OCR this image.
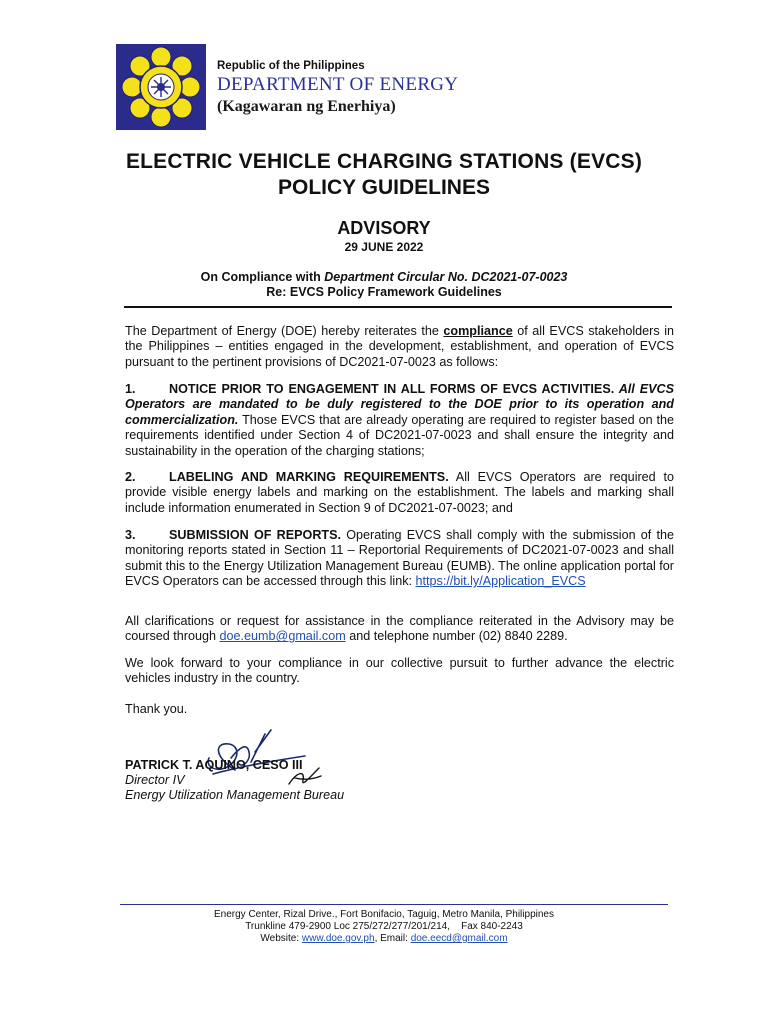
Republic of the Philippines
DEPARTMENT OF ENERGY
(Kagawaran ng Enerhiya)
ELECTRIC VEHICLE CHARGING STATIONS (EVCS)
POLICY GUIDELINES
ADVISORY
29 JUNE 2022
On Compliance with Department Circular No. DC2021-07-0023
Re: EVCS Policy Framework Guidelines
The Department of Energy (DOE) hereby reiterates the compliance of all EVCS stakeholders in the Philippines – entities engaged in the development, establishment, and operation of EVCS pursuant to the pertinent provisions of DC2021-07-0023 as follows:
1.	NOTICE PRIOR TO ENGAGEMENT IN ALL FORMS OF EVCS ACTIVITIES. All EVCS Operators are mandated to be duly registered to the DOE prior to its operation and commercialization. Those EVCS that are already operating are required to register based on the requirements identified under Section 4 of DC2021-07-0023 and shall ensure the integrity and sustainability in the operation of the charging stations;
2.	LABELING AND MARKING REQUIREMENTS. All EVCS Operators are required to provide visible energy labels and marking on the establishment. The labels and marking shall include information enumerated in Section 9 of DC2021-07-0023; and
3.	SUBMISSION OF REPORTS. Operating EVCS shall comply with the submission of the monitoring reports stated in Section 11 – Reportorial Requirements of DC2021-07-0023 and shall submit this to the Energy Utilization Management Bureau (EUMB). The online application portal for EVCS Operators can be accessed through this link: https://bit.ly/Application_EVCS
All clarifications or request for assistance in the compliance reiterated in the Advisory may be coursed through doe.eumb@gmail.com and telephone number (02) 8840 2289.
We look forward to your compliance in our collective pursuit to further advance the electric vehicles industry in the country.
Thank you.
PATRICK T. AQUINO, CESO III
Director IV
Energy Utilization Management Bureau
Energy Center, Rizal Drive., Fort Bonifacio, Taguig, Metro Manila, Philippines
Trunkline 479-2900 Loc 275/272/277/201/214,    Fax 840-2243
Website: www.doe.gov.ph, Email: doe.eecd@gmail.com
